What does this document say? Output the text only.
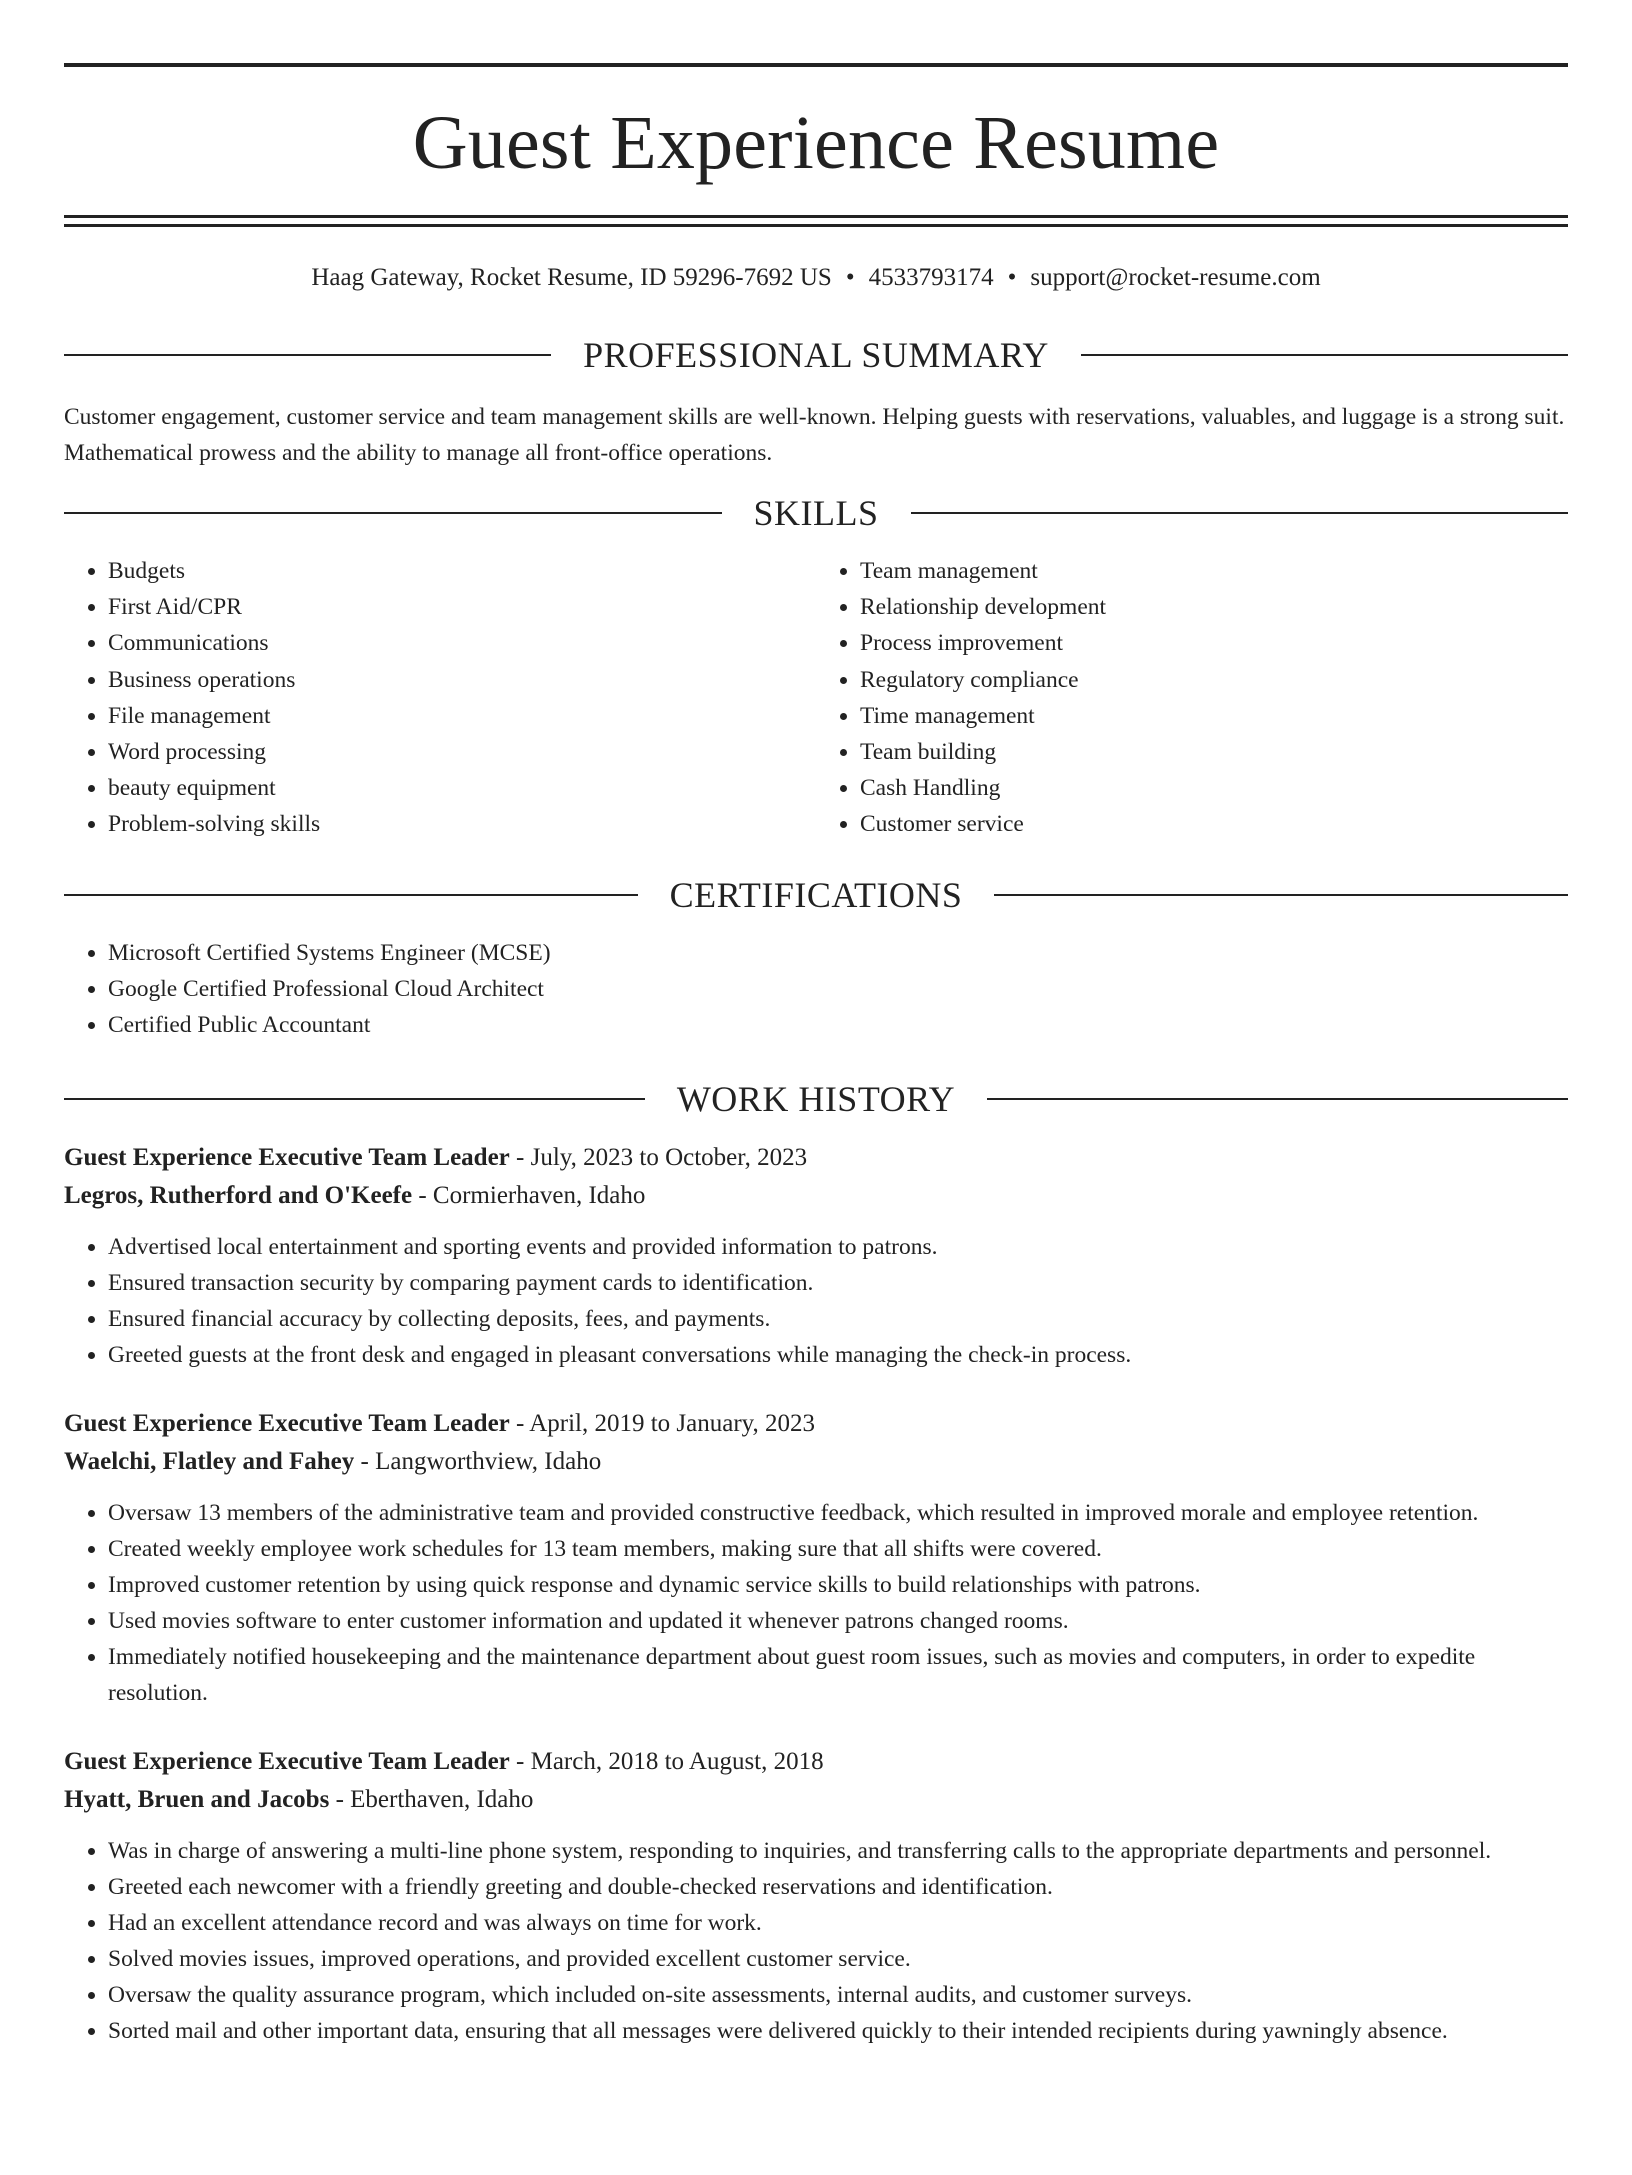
Guest Experience Resume
Haag Gateway, Rocket Resume, ID 59296-7692 US • 4533793174 • support@rocket-resume.com
PROFESSIONAL SUMMARY

Customer engagement, customer service and team management skills are well-known. Helping guests with reservations, valuables, and luggage is a strong suit. Mathematical prowess and the ability to manage all front-office operations.

SKILLS
• Budgets
• First Aid/CPR
• Communications
• Business operations
• File management
• Word processing
• beauty equipment
• Problem-solving skills
• Team management
• Relationship development
• Process improvement
• Regulatory compliance
• Time management
• Team building
• Cash Handling
• Customer service
CERTIFICATIONS
• Microsoft Certified Systems Engineer (MCSE)
• Google Certified Professional Cloud Architect
• Certified Public Accountant
WORK HISTORY
Guest Experience Executive Team Leader - July, 2023 to October, 2023
Legros, Rutherford and O'Keefe - Cormierhaven, Idaho
• Advertised local entertainment and sporting events and provided information to patrons.
• Ensured transaction security by comparing payment cards to identification.
• Ensured financial accuracy by collecting deposits, fees, and payments.
• Greeted guests at the front desk and engaged in pleasant conversations while managing the check-in process.
Guest Experience Executive Team Leader - April, 2019 to January, 2023
Waelchi, Flatley and Fahey - Langworthview, Idaho
• Oversaw 13 members of the administrative team and provided constructive feedback, which resulted in improved morale and employee retention.
• Created weekly employee work schedules for 13 team members, making sure that all shifts were covered.
• Improved customer retention by using quick response and dynamic service skills to build relationships with patrons.
• Used movies software to enter customer information and updated it whenever patrons changed rooms.
• Immediately notified housekeeping and the maintenance department about guest room issues, such as movies and computers, in order to expedite resolution.
Guest Experience Executive Team Leader - March, 2018 to August, 2018
Hyatt, Bruen and Jacobs - Eberthaven, Idaho
• Was in charge of answering a multi-line phone system, responding to inquiries, and transferring calls to the appropriate departments and personnel.
• Greeted each newcomer with a friendly greeting and double-checked reservations and identification.
• Had an excellent attendance record and was always on time for work.
• Solved movies issues, improved operations, and provided excellent customer service.
• Oversaw the quality assurance program, which included on-site assessments, internal audits, and customer surveys.
• Sorted mail and other important data, ensuring that all messages were delivered quickly to their intended recipients during yawningly absence.
